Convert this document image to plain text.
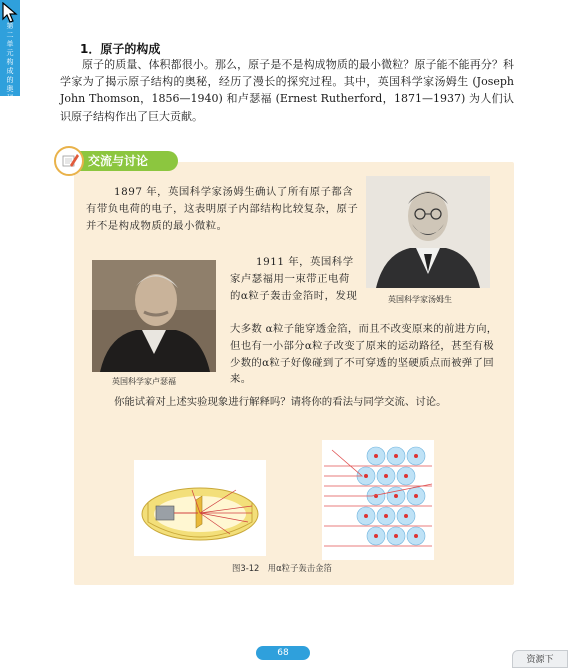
第
二
单
元
构
成
的
奥
秘
1．原子的构成
原子的质量、体积都很小。那么，原子是不是构成物质的最小微粒？原子能不能再分？科学家为了揭示原子结构的奥秘，经历了漫长的探究过程。其中，英国科学家汤姆生 (Joseph John Thomson，1856—1940) 和卢瑟福 (Ernest Rutherford，1871—1937) 为人们认识原子结构作出了巨大贡献。
交流与讨论
1897 年，英国科学家汤姆生确认了所有原子都含有带负电荷的电子，这表明原子内部结构比较复杂，原子并不是构成物质的最小微粒。
英国科学家汤姆生
英国科学家卢瑟福
1911 年，英国科学家卢瑟福用一束带正电荷的α粒子轰击金箔时，发现
大多数 α粒子能穿透金箔，而且不改变原来的前进方向，但也有一小部分α粒子改变了原来的运动路径，甚至有极少数的α粒子好像碰到了不可穿透的坚硬质点而被弹了回来。
你能试着对上述实验现象进行解释吗？请将你的看法与同学交流、讨论。
图3-12　用α粒子轰击金箔
68
资源下
